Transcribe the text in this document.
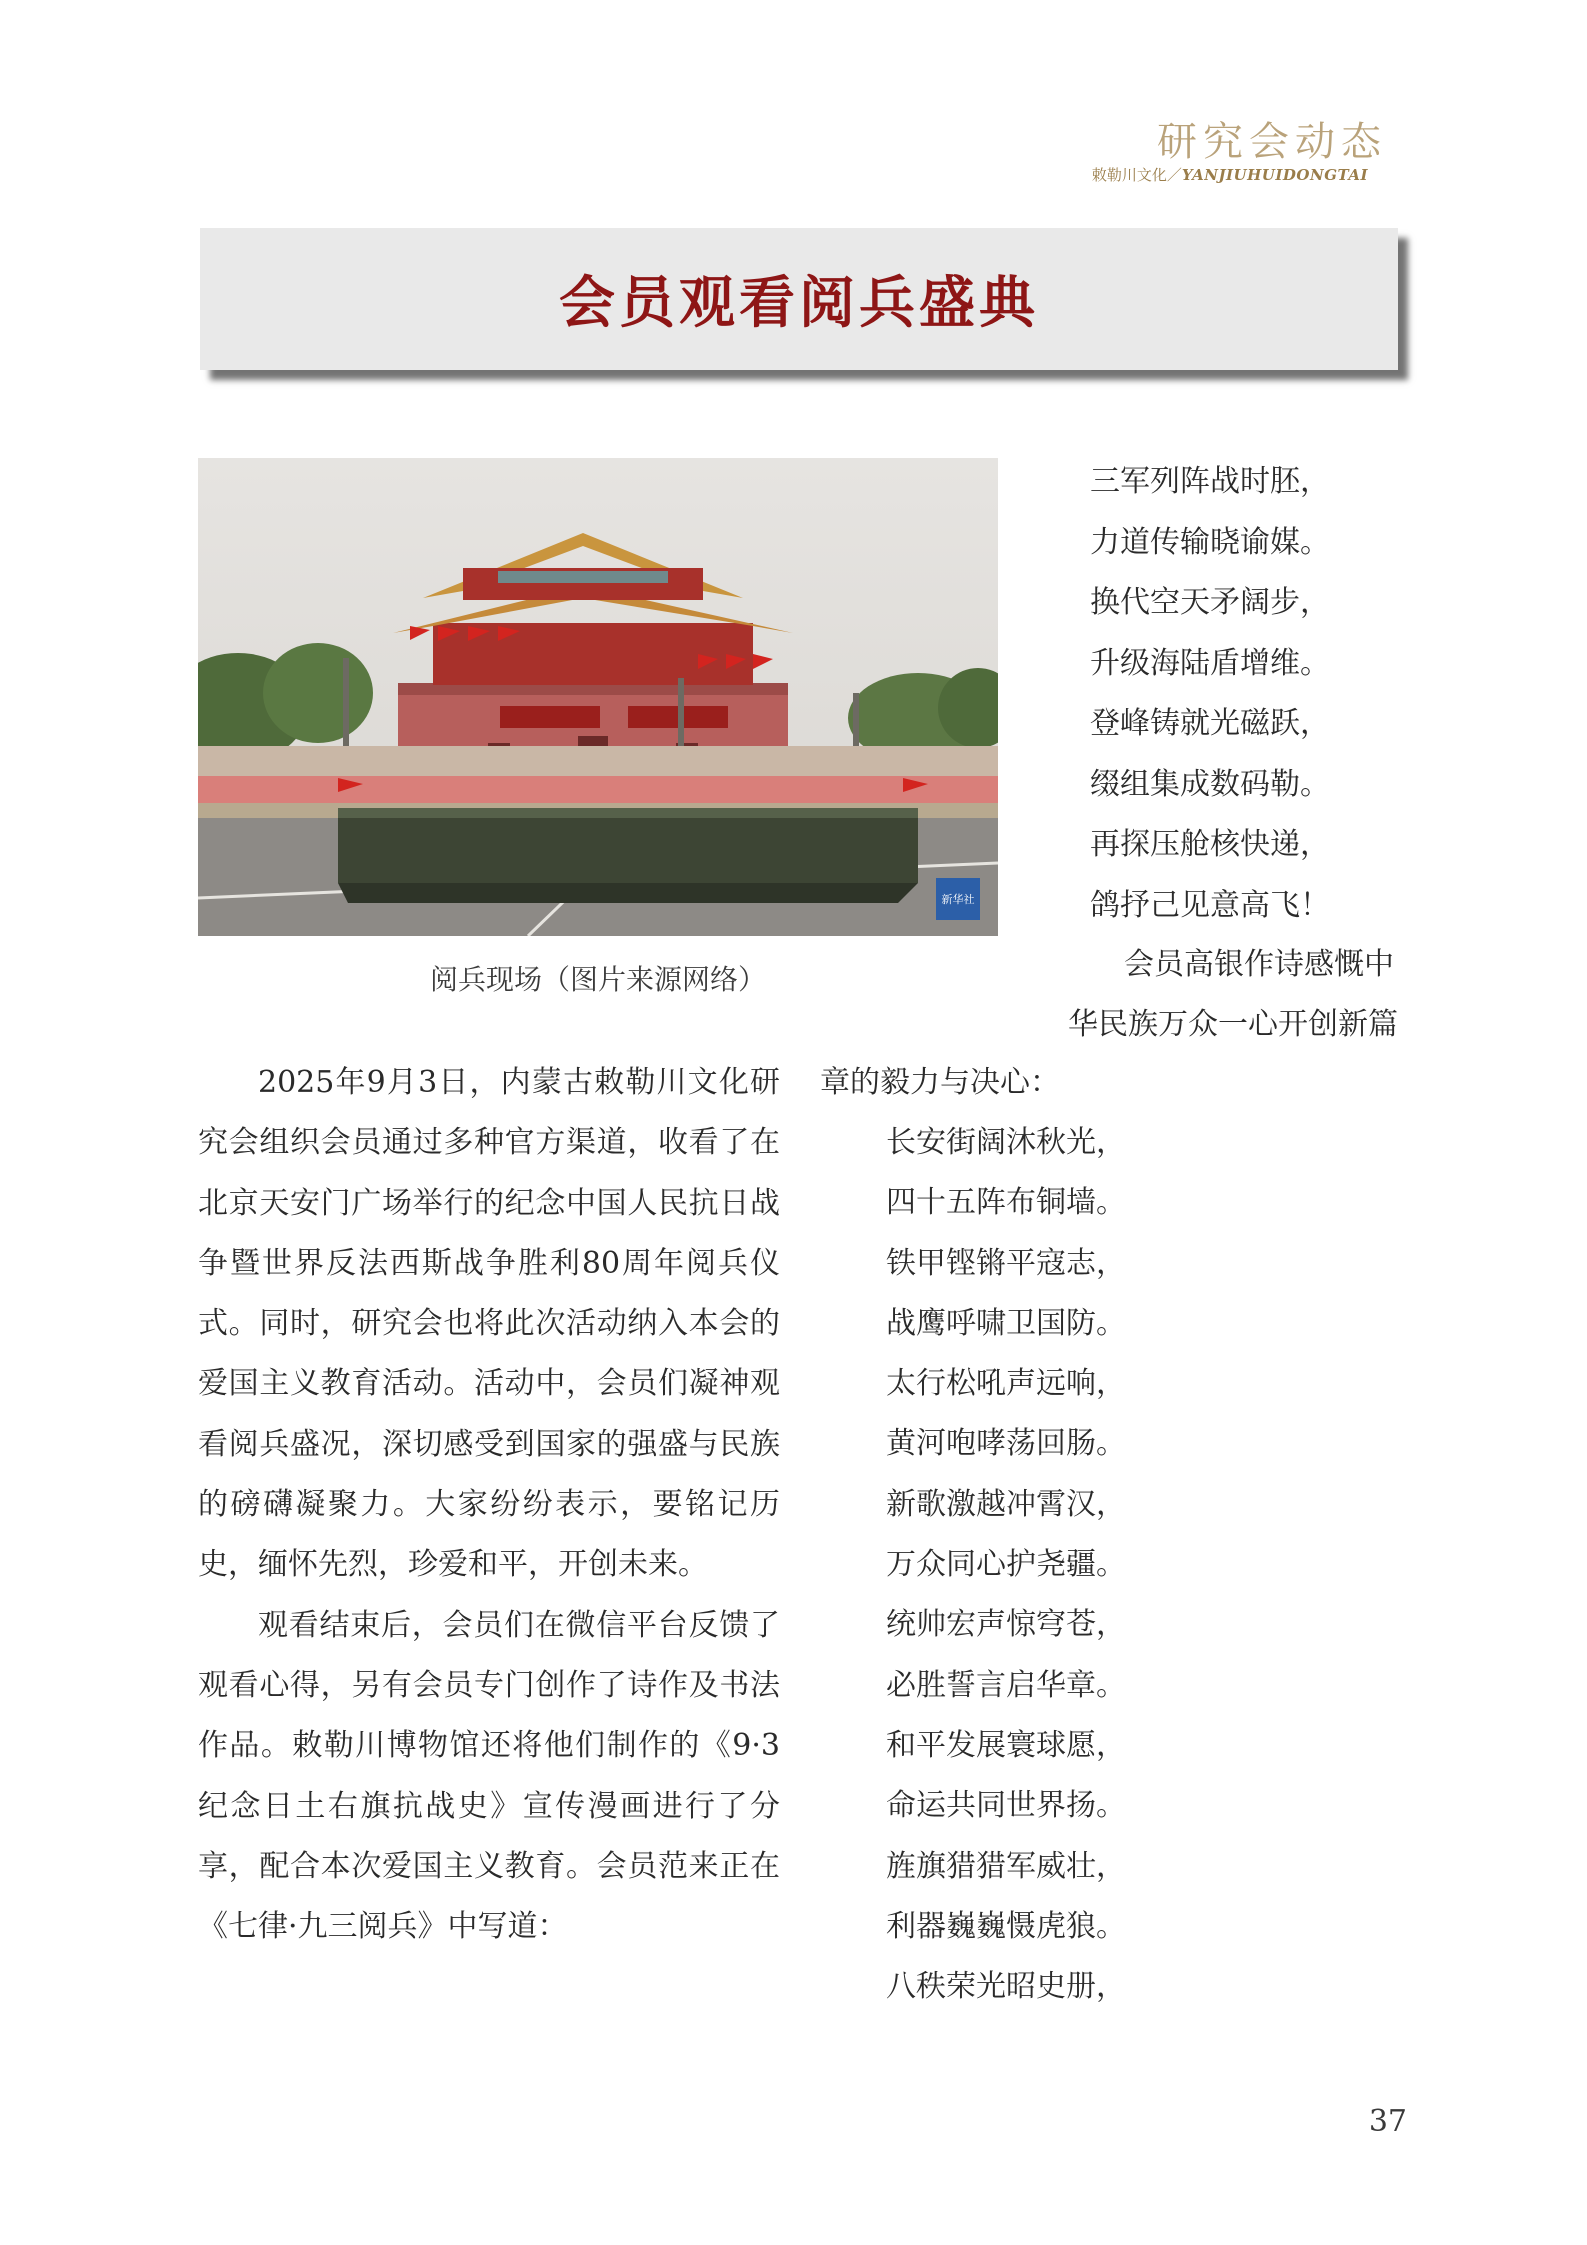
研究会动态
敕勒川文化／YANJIUHUIDONGTAI
会员观看阅兵盛典
新华社
阅兵现场（图片来源网络）
三军列阵战时胚，
力道传输晓谕媒。
换代空天矛阔步，
升级海陆盾增维。
登峰铸就光磁跃，
缀组集成数码勒。
再探压舱核快递，
鸽抒己见意高飞！
会员高银作诗感慨中
华民族万众一心开创新篇

2025年9月3日，内蒙古敕勒川文化研究会组织会员通过多种官方渠道，收看了在北京天安门广场举行的纪念中国人民抗日战争暨世界反法西斯战争胜利80周年阅兵仪式。同时，研究会也将此次活动纳入本会的爱国主义教育活动。活动中，会员们凝神观看阅兵盛况，深切感受到国家的强盛与民族的磅礴凝聚力。大家纷纷表示，要铭记历史，缅怀先烈，珍爱和平，开创未来。

观看结束后，会员们在微信平台反馈了观看心得，另有会员专门创作了诗作及书法作品。敕勒川博物馆还将他们制作的《9·3纪念日土右旗抗战史》宣传漫画进行了分享，配合本次爱国主义教育。会员范来正在《七律·九三阅兵》中写道：

章的毅力与决心：
长安街阔沐秋光，
四十五阵布铜墙。
铁甲铿锵平寇志，
战鹰呼啸卫国防。
太行松吼声远响，
黄河咆哮荡回肠。
新歌激越冲霄汉，
万众同心护尧疆。
统帅宏声惊穹苍，
必胜誓言启华章。
和平发展寰球愿，
命运共同世界扬。
旌旗猎猎军威壮，
利器巍巍慑虎狼。
八秩荣光昭史册，
37
